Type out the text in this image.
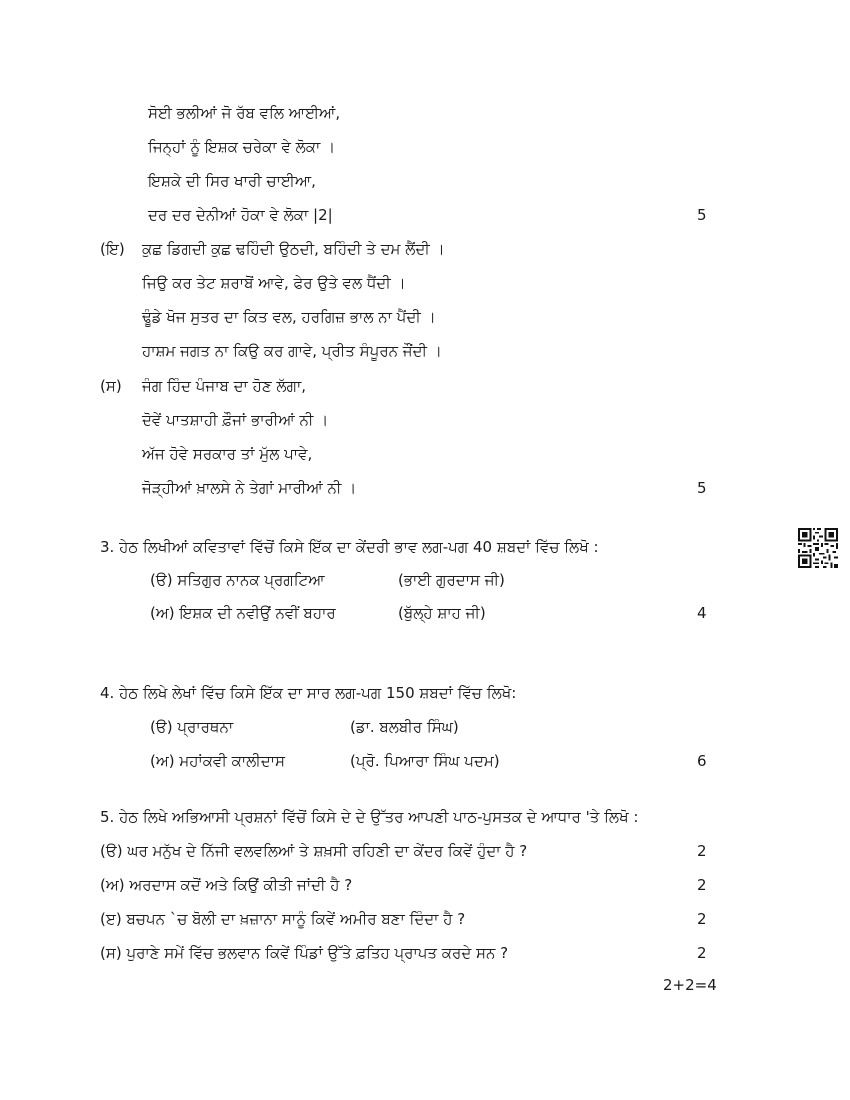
ਸੋਈ ਭਲੀਆਂ ਜੋ ਰੱਬ ਵਲਿ ਆਈਆਂ,
ਜਿਨ੍ਹਾਂ ਨੂੰ ਇਸ਼ਕ ਚਰੇਕਾ ਵੇ ਲੋਕਾ ।
ਇਸ਼ਕੇ ਦੀ ਸਿਰ ਖਾਰੀ ਚਾਈਆ,
ਦਰ ਦਰ ਦੇਨੀਆਂ ਹੋਕਾ ਵੇ ਲੋਕਾ |2|	5
(ਇ) ਕੁਛ ਡਿਗਦੀ ਕੁਛ ਢਹਿੰਦੀ ਉਠਦੀ, ਬਹਿੰਦੀ ਤੇ ਦਮ ਲੈਂਦੀ ।
ਜਿਉ ਕਰ ਤੇਟ ਸ਼ਰਾਬੋਂ ਆਵੇ, ਫੇਰ ਉਤੇ ਵਲ ਧੈਂਦੀ ।
ਢੂੰਡੇ ਖੋਜ ਸੁਤਰ ਦਾ ਕਿਤ ਵਲ, ਹਰਗਿਜ਼ ਭਾਲ ਨਾ ਪੈਂਦੀ ।
ਹਾਸ਼ਮ ਜਗਤ ਨਾ ਕਿਉ ਕਰ ਗਾਵੇ, ਪ੍ਰੀਤ ਸੰਪੂਰਨ ਜੌਂਦੀ ।
(ਸ) ਜੰਗ ਹਿੰਦ ਪੰਜਾਬ ਦਾ ਹੋਣ ਲੱਗਾ,
ਦੋਵੇਂ ਪਾਤਸ਼ਾਹੀ ਫ਼ੌਜਾਂ ਭਾਰੀਆਂ ਨੀ ।
ਅੱਜ ਹੋਵੇ ਸਰਕਾਰ ਤਾਂ ਮੁੱਲ ਪਾਵੇ,
ਜੋੜ੍ਹੀਆਂ ਖ਼ਾਲਸੇ ਨੇ ਤੇਗਾਂ ਮਾਰੀਆਂ ਨੀ ।	5
3. ਹੇਠ ਲਿਖੀਆਂ ਕਵਿਤਾਵਾਂ ਵਿੱਚੋਂ ਕਿਸੇ ਇੱਕ ਦਾ ਕੇਂਦਰੀ ਭਾਵ ਲਗ-ਪਗ 40 ਸ਼ਬਦਾਂ ਵਿੱਚ ਲਿਖੋ :
(ੳ) ਸਤਿਗੁਰ ਨਾਨਕ ਪ੍ਰਗਟਿਆ	(ਭਾਈ ਗੁਰਦਾਸ ਜੀ)
(ਅ) ਇਸ਼ਕ ਦੀ ਨਵੀਉਂ ਨਵੀਂ ਬਹਾਰ	(ਬੁੱਲ੍ਹੇ ਸ਼ਾਹ ਜੀ)	4
4. ਹੇਠ ਲਿਖੇ ਲੇਖਾਂ ਵਿੱਚ ਕਿਸੇ ਇੱਕ ਦਾ ਸਾਰ ਲਗ-ਪਗ 150 ਸ਼ਬਦਾਂ ਵਿੱਚ ਲਿਖੋ:
(ੳ) ਪ੍ਰਾਰਥਨਾ	(ਡਾ. ਬਲਬੀਰ ਸਿੰਘ)
(ਅ) ਮਹਾਂਕਵੀ ਕਾਲੀਦਾਸ	(ਪ੍ਰੋ. ਪਿਆਰਾ ਸਿੰਘ ਪਦਮ)	6
5. ਹੇਠ ਲਿਖੇ ਅਭਿਆਸੀ ਪ੍ਰਸ਼ਨਾਂ ਵਿੱਚੋਂ ਕਿਸੇ ਦੇ ਦੇ ਉੱਤਰ ਆਪਣੀ ਪਾਠ-ਪੁਸਤਕ ਦੇ ਆਧਾਰ 'ਤੇ ਲਿਖੋ :
(ੳ) ਘਰ ਮਨੁੱਖ ਦੇ ਨਿੱਜੀ ਵਲਵਲਿਆਂ ਤੇ ਸ਼ਖ਼ਸੀ ਰਹਿਣੀ ਦਾ ਕੇਂਦਰ ਕਿਵੇਂ ਹੁੰਦਾ ਹੈ ?	2
(ਅ) ਅਰਦਾਸ ਕਦੋਂ ਅਤੇ ਕਿਉਂ ਕੀਤੀ ਜਾਂਦੀ ਹੈ ?	2
(ੲ) ਬਚਪਨ `ਚ ਬੋਲੀ ਦਾ ਖ਼ਜ਼ਾਨਾ ਸਾਨੂੰ ਕਿਵੇਂ ਅਮੀਰ ਬਣਾ ਦਿੰਦਾ ਹੈ ?	2
(ਸ) ਪੁਰਾਣੇ ਸਮੇਂ ਵਿੱਚ ਭਲਵਾਨ ਕਿਵੇਂ ਪਿੰਡਾਂ ਉੱਤੇ ਫ਼ਤਿਹ ਪ੍ਰਾਪਤ ਕਰਦੇ ਸਨ ?	2
2+2=4
